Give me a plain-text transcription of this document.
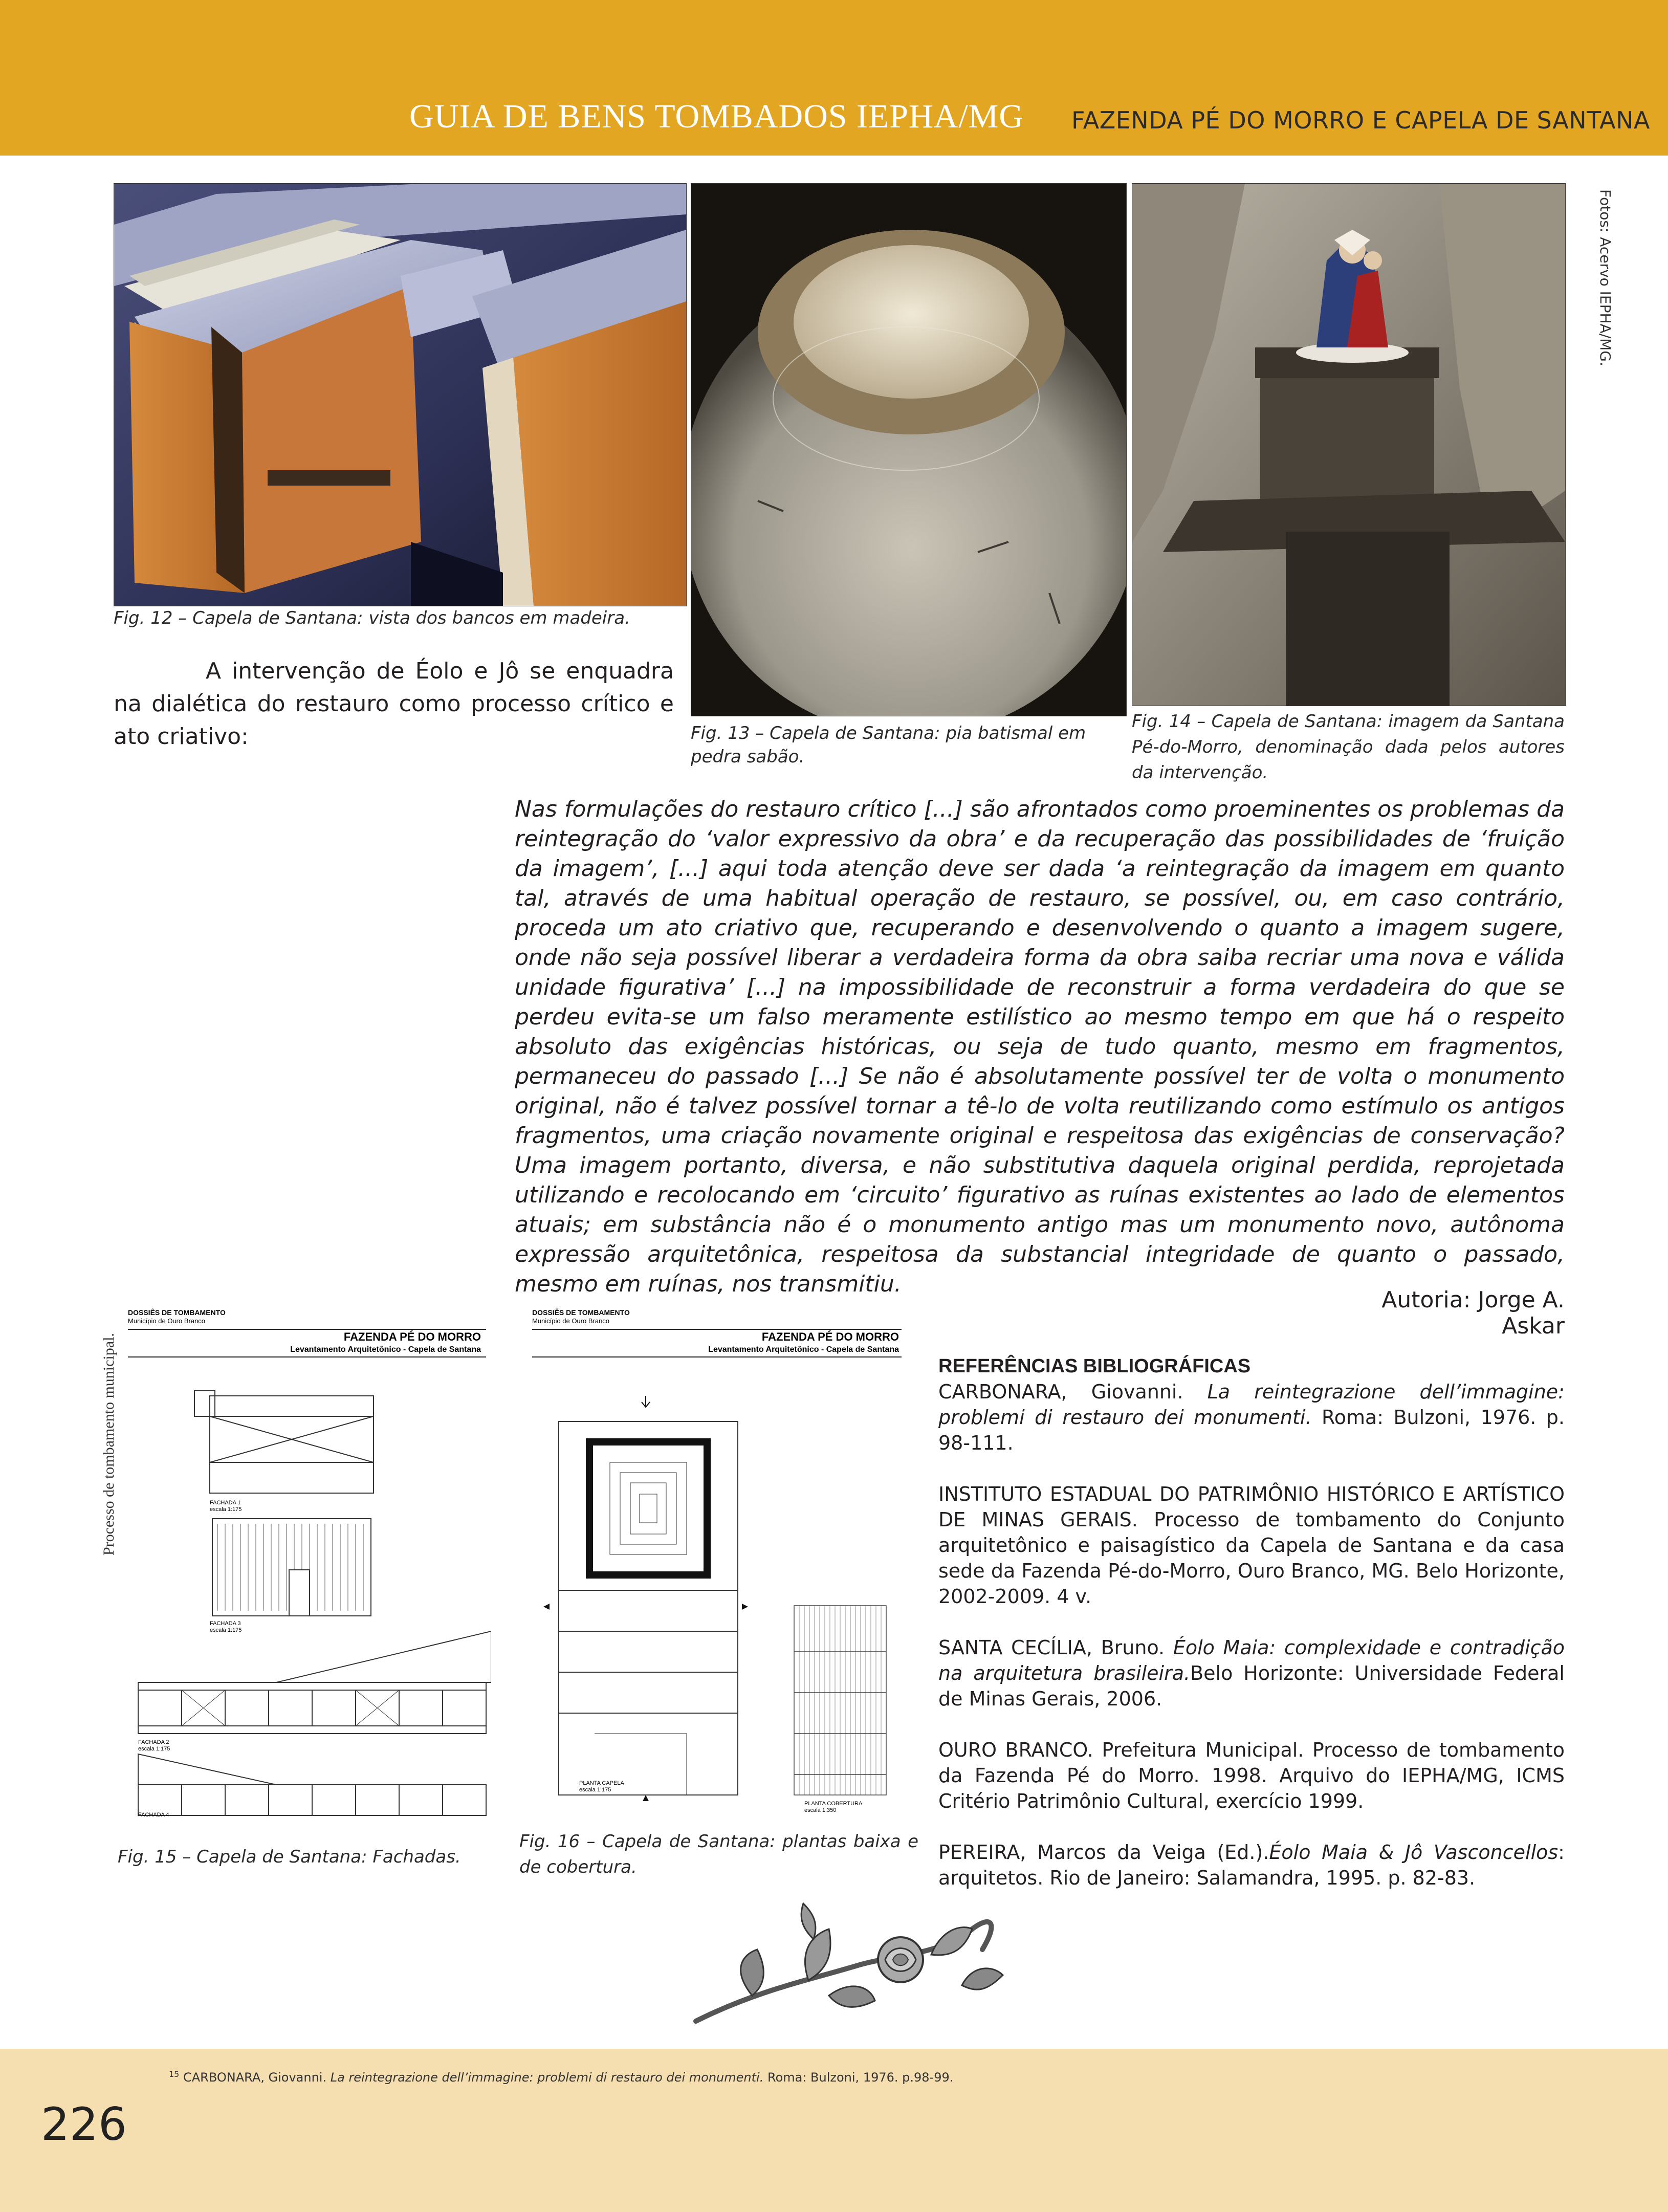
GUIA DE BENS TOMBADOS IEPHA/MG FAZENDA PÉ DO MORRO E CAPELA DE SANTANA
Fig. 12 – Capela de Santana: vista dos bancos em madeira.
Fig. 13 – Capela de Santana: pia batismal em pedra sabão.
Fig. 14 – Capela de Santana: imagem da Santana Pé-do-Morro, denominação dada pelos autores da intervenção.
Fotos: Acervo IEPHA/MG.
A intervenção de Éolo e Jô se enquadra na dialética do restauro como processo crítico e ato criativo:
Nas formulações do restauro crítico [...] são afrontados como proeminentes os problemas da reintegração do ‘valor expressivo da obra’ e da recuperação das possibilidades de ‘fruição da imagem’, [...] aqui toda atenção deve ser dada ‘a reintegração da imagem em quanto tal, através de uma habitual operação de restauro, se possível, ou, em caso contrário, proceda um ato criativo que, recuperando e desenvolvendo o quanto a imagem sugere, onde não seja possível liberar a verdadeira forma da obra saiba recriar uma nova e válida unidade figurativa’ [...] na impossibilidade de reconstruir a forma verdadeira do que se perdeu evita-se um falso meramente estilístico ao mesmo tempo em que há o respeito absoluto das exigências históricas, ou seja de tudo quanto, mesmo em fragmentos, permaneceu do passado [...] Se não é absolutamente possível ter de volta o monumento original, não é talvez possível tornar a tê-lo de volta reutilizando como estímulo os antigos fragmentos, uma criação novamente original e respeitosa das exigências de conservação? Uma imagem portanto, diversa, e não substitutiva daquela original perdida, reprojetada utilizando e recolocando em ‘circuito’ figurativo as ruínas existentes ao lado de elementos atuais; em substância não é o monumento antigo mas um monumento novo, autônoma expressão arquitetônica, respeitosa da substancial integridade de quanto o passado, mesmo em ruínas, nos transmitiu.
Autoria: Jorge A. Askar
Processo de tombamento municipal.
DOSSIÊS DE TOMBAMENTO
Município de Ouro Branco
FAZENDA PÉ DO MORRO
Levantamento Arquitetônico - Capela de Santana
FACHADA 1
escala 1:175
FACHADA 3
escala 1:175
FACHADA 2
escala 1:175
FACHADA 4
Fig. 15 – Capela de Santana: Fachadas.
DOSSIÊS DE TOMBAMENTO
Município de Ouro Branco
FAZENDA PÉ DO MORRO
Levantamento Arquitetônico - Capela de Santana
PLANTA CAPELA
escala 1:175
PLANTA COBERTURA
escala 1:350
Fig. 16 – Capela de Santana: plantas baixa e de cobertura.

REFERÊNCIAS BIBLIOGRÁFICAS

CARBONARA, Giovanni. La reintegrazione dell’immagine: problemi di restauro dei monumenti. Roma: Bulzoni, 1976. p. 98-111.

INSTITUTO ESTADUAL DO PATRIMÔNIO HISTÓRICO E ARTÍSTICO DE MINAS GERAIS. Processo de tombamento do Conjunto arquitetônico e paisagístico da Capela de Santana e da casa sede da Fazenda Pé-do-Morro, Ouro Branco, MG. Belo Horizonte, 2002-2009. 4 v.

SANTA CECÍLIA, Bruno. Éolo Maia: complexidade e contradição na arquitetura brasileira.Belo Horizonte: Universidade Federal de Minas Gerais, 2006.

OURO BRANCO. Prefeitura Municipal. Processo de tombamento da Fazenda Pé do Morro. 1998. Arquivo do IEPHA/MG, ICMS Critério Patrimônio Cultural, exercício 1999.

PEREIRA, Marcos da Veiga (Ed.).Éolo Maia & Jô Vasconcellos: arquitetos. Rio de Janeiro: Salamandra, 1995. p. 82-83.

$^{15}$ CARBONARA, Giovanni. La reintegrazione dell’immagine: problemi di restauro dei monumenti. Roma: Bulzoni, 1976. p.98-99.
226
